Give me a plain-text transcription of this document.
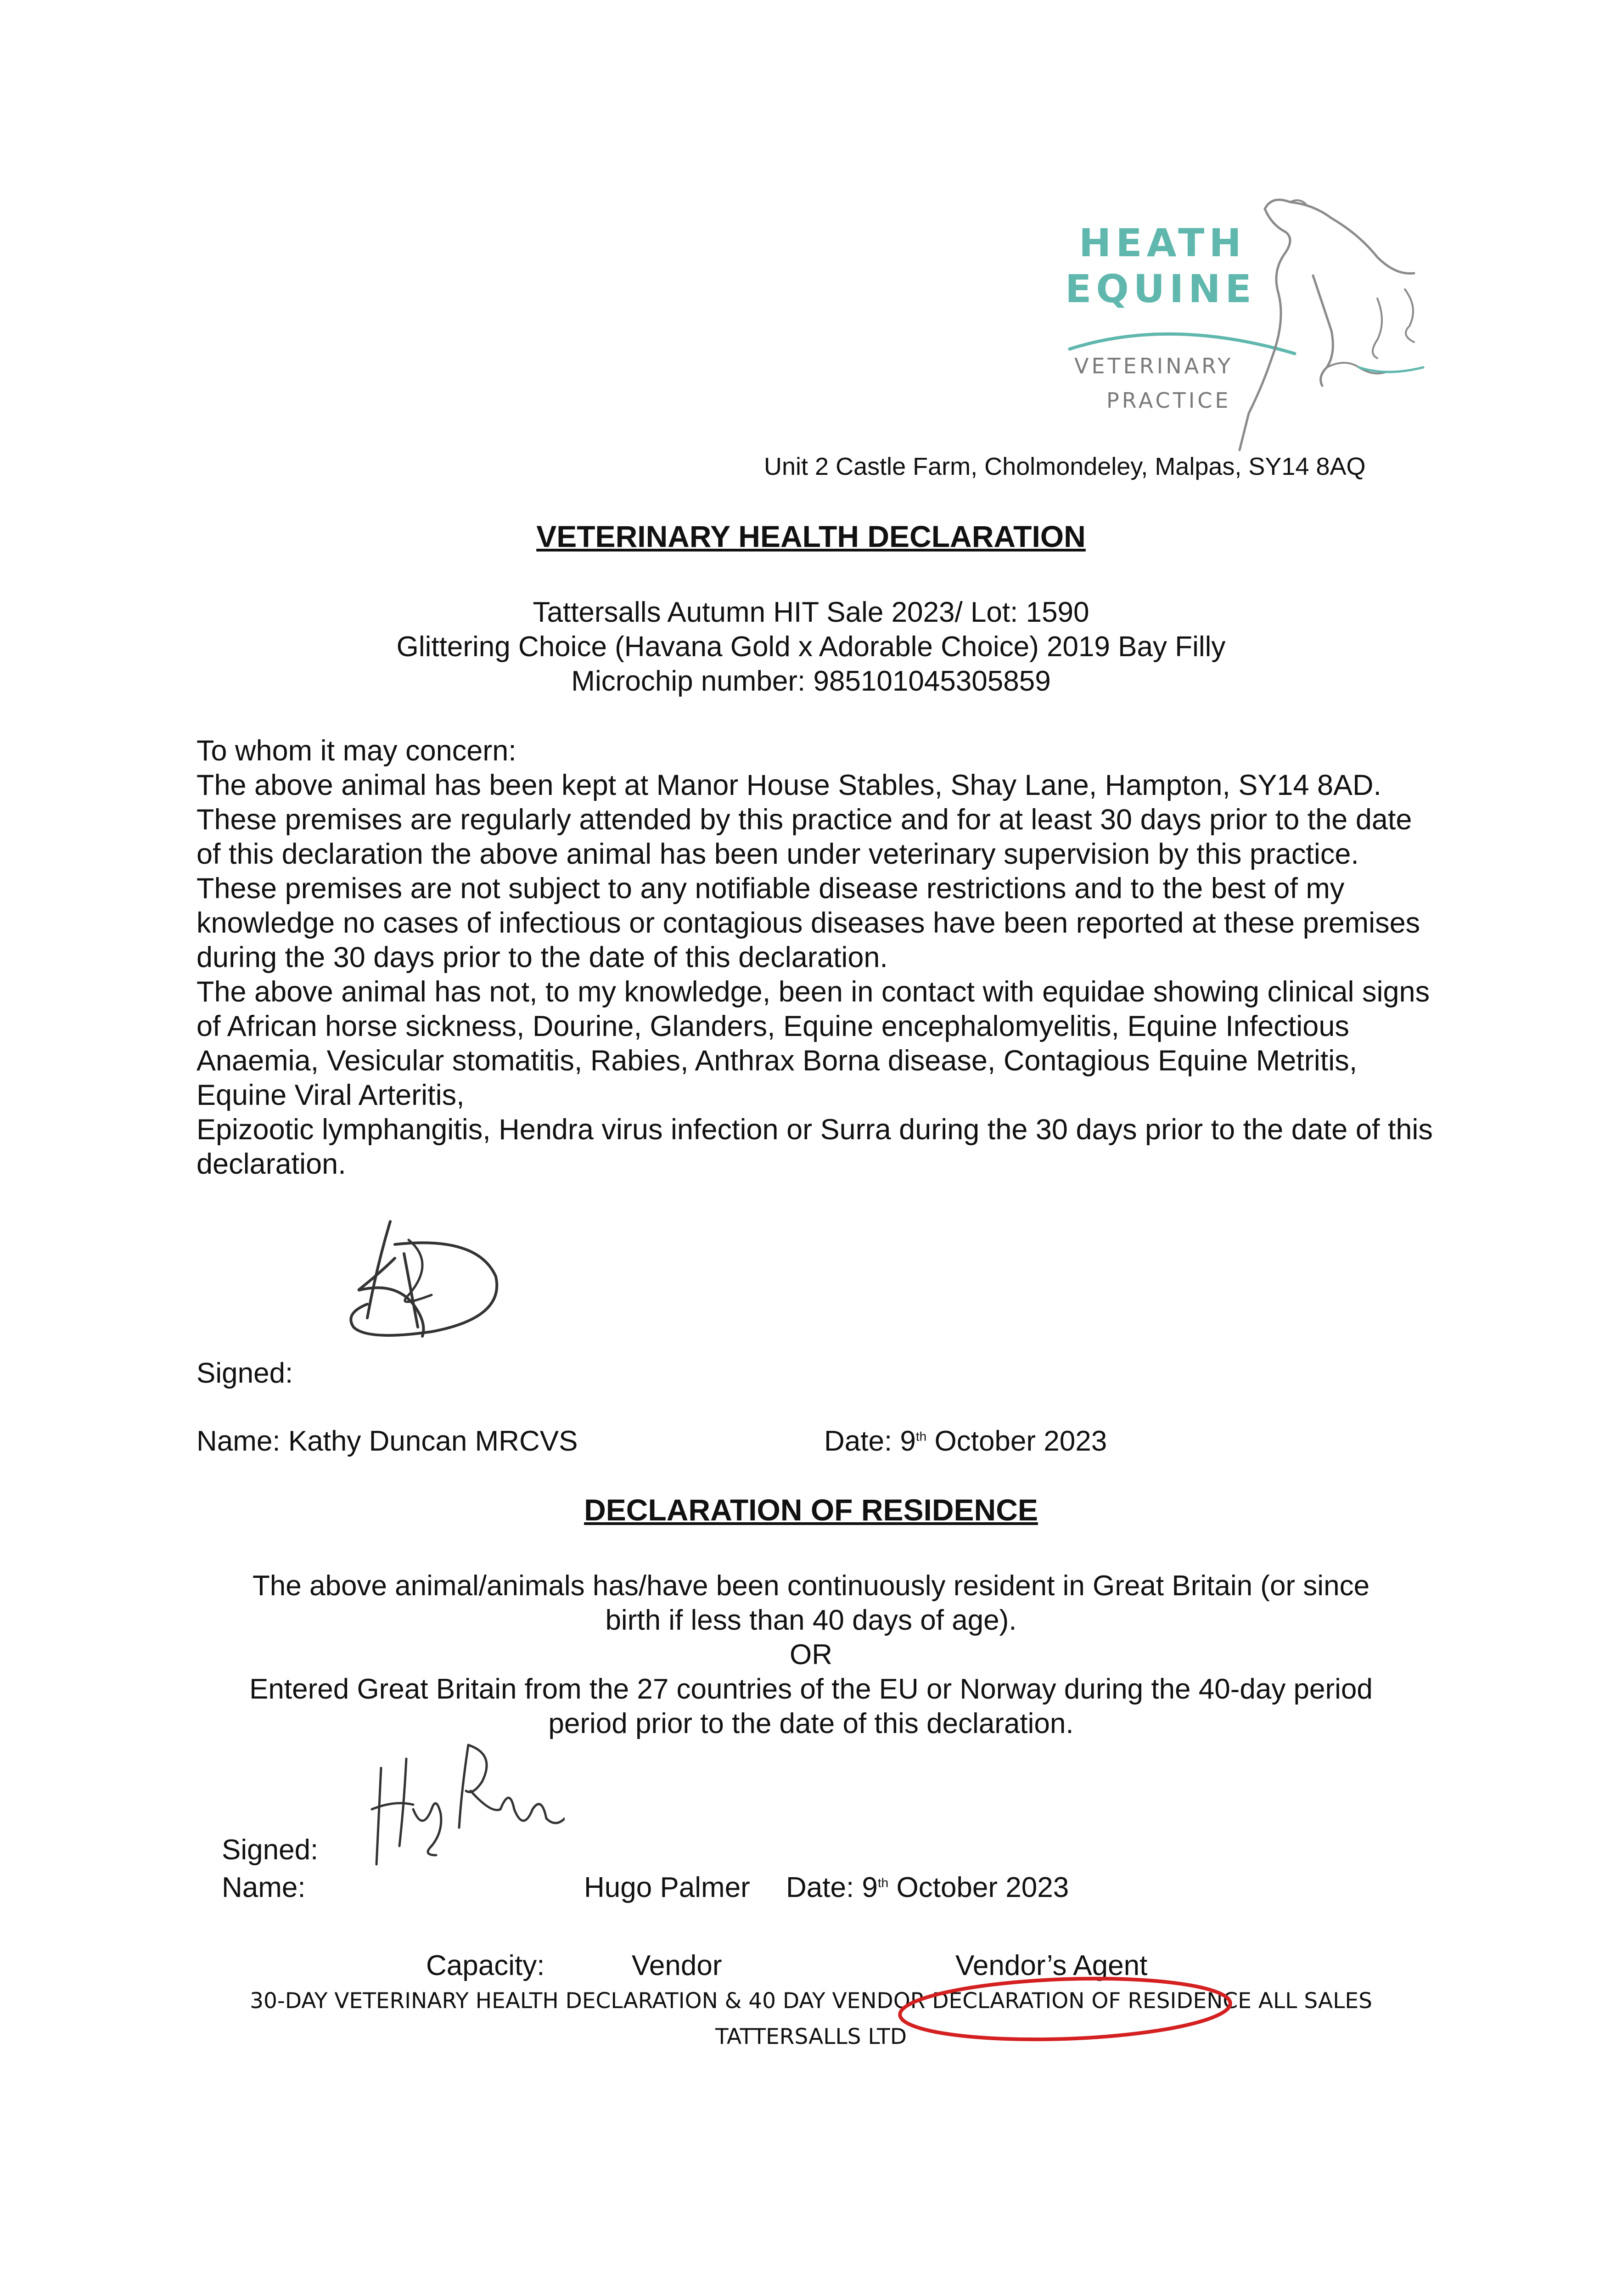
HEATH
EQUINE
VETERINARY
PRACTICE
Unit 2 Castle Farm, Cholmondeley, Malpas, SY14 8AQ
VETERINARY HEALTH DECLARATION
Tattersalls Autumn HIT Sale 2023/ Lot: 1590
Glittering Choice (Havana Gold x Adorable Choice) 2019 Bay Filly
Microchip number: 985101045305859

To whom it may concern:

The above animal has been kept at Manor House Stables, Shay Lane, Hampton, SY14 8AD. These premises are regularly attended by this practice and for at least 30 days prior to the date of this declaration the above animal has been under veterinary supervision by this practice.

These premises are not subject to any notifiable disease restrictions and to the best of my knowledge no cases of infectious or contagious diseases have been reported at these premises during the 30 days prior to the date of this declaration.

The above animal has not, to my knowledge, been in contact with equidae showing clinical signs of African horse sickness, Dourine, Glanders, Equine encephalomyelitis, Equine Infectious Anaemia, Vesicular stomatitis, Rabies, Anthrax Borna disease, Contagious Equine Metritis, Equine Viral Arteritis,

Epizootic lymphangitis, Hendra virus infection or Surra during the 30 days prior to the date of this declaration.

Signed:
Name: Kathy Duncan MRCVS	Date: 9th October 2023
DECLARATION OF RESIDENCE
The above animal/animals has/have been continuously resident in Great Britain (or since
birth if less than 40 days of age).
OR
Entered Great Britain from the 27 countries of the EU or Norway during the 40-day period
period prior to the date of this declaration.
Signed:
Name:	Hugo Palmer Date: 9th October 2023
Capacity:	Vendor	Vendor’s Agent
30-DAY VETERINARY HEALTH DECLARATION & 40 DAY VENDOR DECLARATION OF RESIDENCE ALL SALES
TATTERSALLS LTD
